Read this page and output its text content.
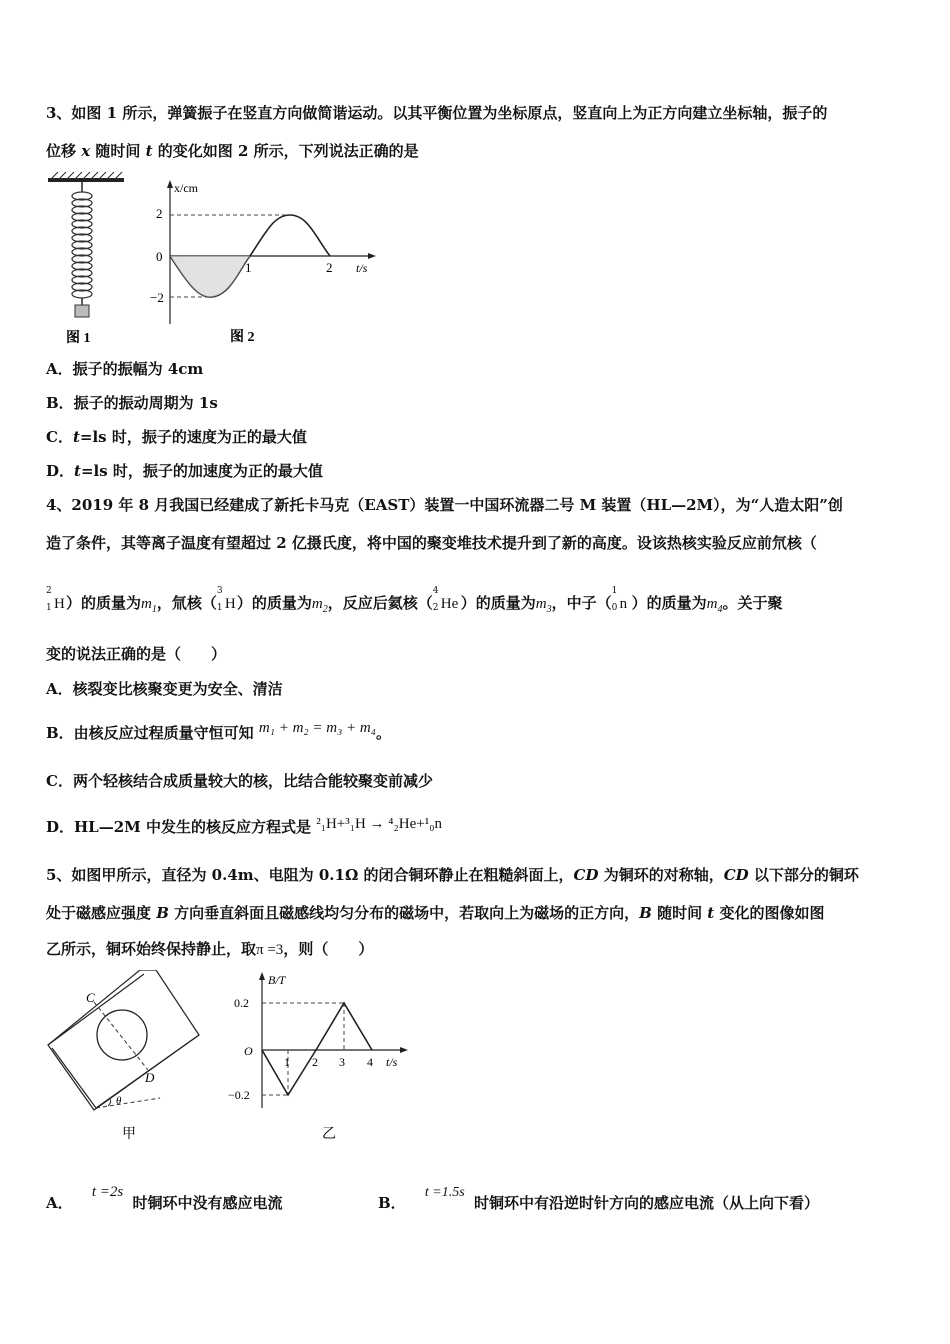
3、如图 1 所示，弹簧振子在竖直方向做简谐运动。以其平衡位置为坐标原点，竖直向上为正方向建立坐标轴，振子的
位移 x 随时间 t 的变化如图 2 所示，下列说法正确的是
图 1
x/cm
t/s
2
0
−2
1	2
图 2
A．振子的振幅为 4cm
B．振子的振动周期为 1s
C．t=ls 时，振子的速度为正的最大值
D．t=ls 时，振子的加速度为正的最大值
4、2019 年 8 月我国已经建成了新托卡马克（EAST）装置一中国环流器二号 M 装置（HL—2M），为“人造太阳”创
造了条件，其等离子温度有望超过 2 亿摄氏度，将中国的聚变堆技术提升到了新的高度。设该热核实验反应前氘核（
2
1 H）的质量为$m_1$，氚核（
3
1 H）的质量为$m_2$，反应后氦核（
4
2 He ）的质量为$m_3$，中子（
1
0 n ）的质量为$m_4$。关于聚
变的说法正确的是（　　）
A．核裂变比核聚变更为安全、清洁
B．由核反应过程质量守恒可知 m₁ + m₂ = m₃ + m₄。
C．两个轻核结合成质量较大的核，比结合能较聚变前减少
D．HL—2M 中发生的核反应方程式是 ²₁H+³₁H → ⁴₂He+¹₀n
5、如图甲所示，直径为 0.4m、电阻为 0.1Ω 的闭合铜环静止在粗糙斜面上，CD 为铜环的对称轴，CD 以下部分的铜环
处于磁感应强度 B 方向垂直斜面且磁感线均匀分布的磁场中，若取向上为磁场的正方向，B 随时间 t 变化的图像如图
乙所示，铜环始终保持静止，取π =3，则（　　）
C
D
θ
甲
B/T
t/s
0.2
O
−0.2
1 2 3 4
乙
A． t =2s 时铜环中没有感应电流	B． t =1.5s 时铜环中有沿逆时针方向的感应电流（从上向下看）
